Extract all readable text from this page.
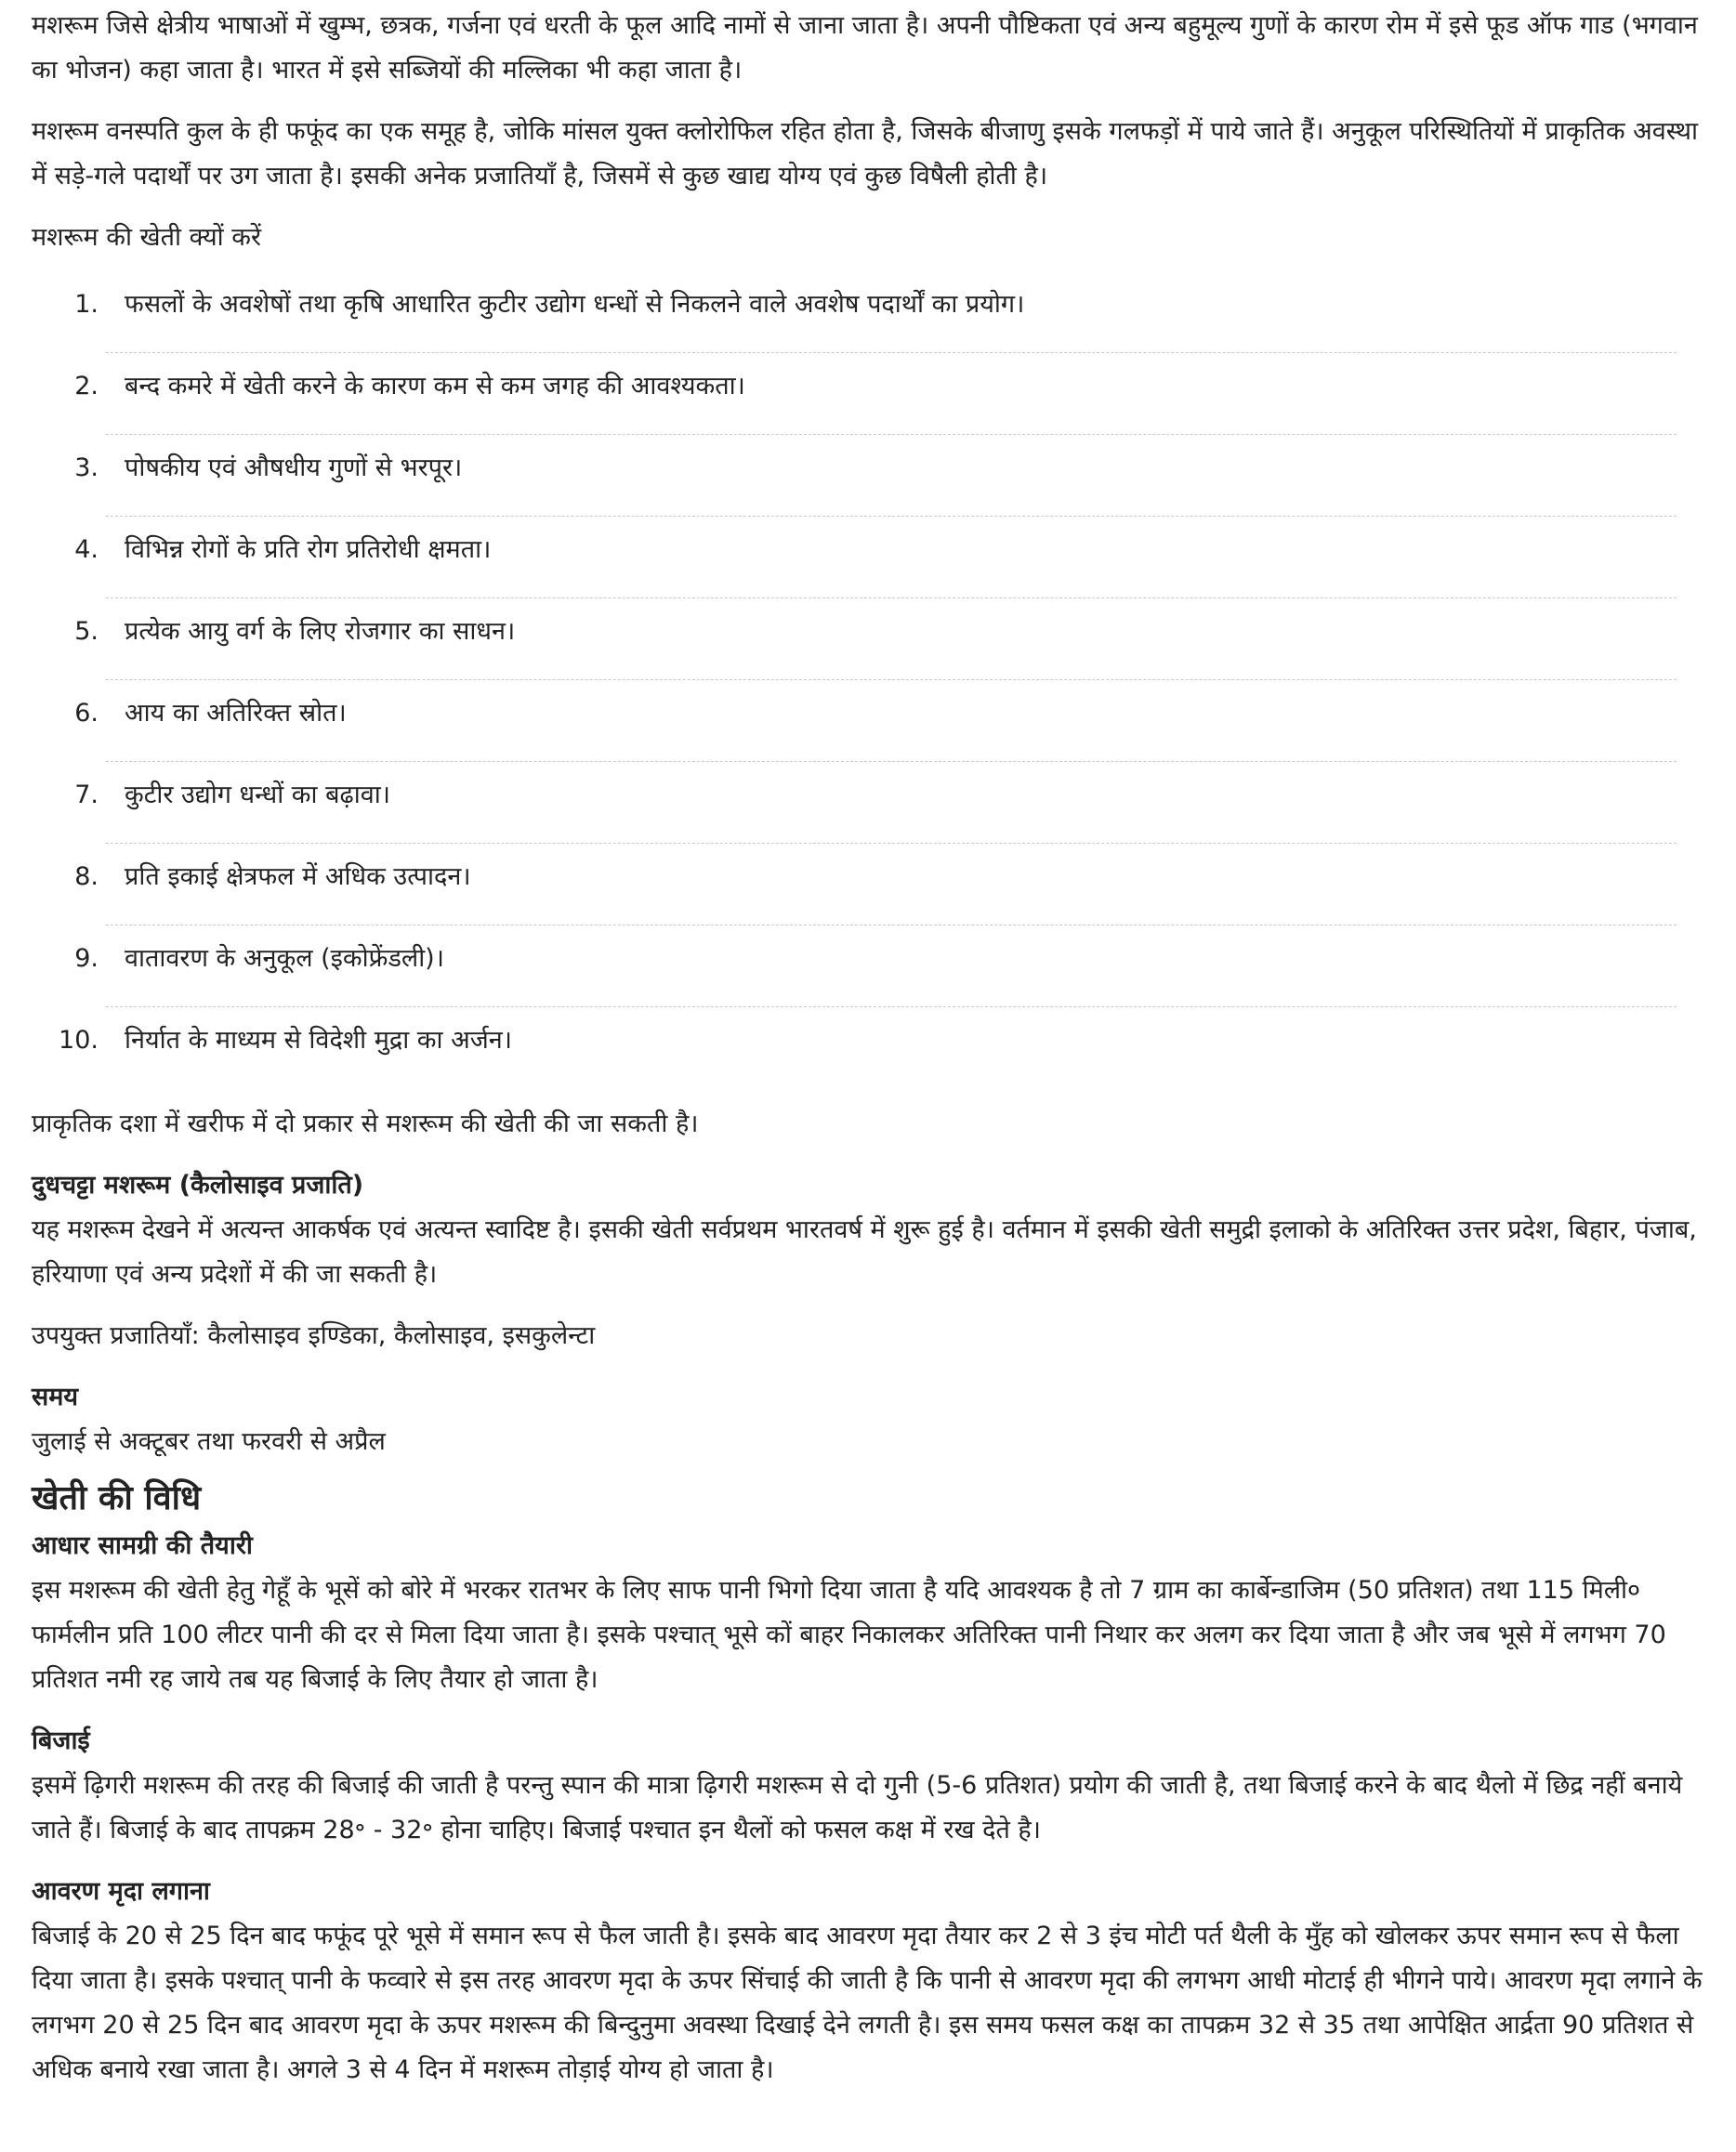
मशरूम जिसे क्षेत्रीय भाषाओं में खुम्भ, छत्रक, गर्जना एवं धरती के फूल आदि नामों से जाना जाता है। अपनी पौष्टिकता एवं अन्य बहुमूल्य गुणों के कारण रोम में इसे फूड ऑफ गाड (भगवान का भोजन) कहा जाता है। भारत में इसे सब्जियों की मल्लिका भी कहा जाता है।

मशरूम वनस्पति कुल के ही फफूंद का एक समूह है, जोकि मांसल युक्त क्लोरोफिल रहित होता है, जिसके बीजाणु इसके गलफड़ों में पाये जाते हैं। अनुकूल परिस्थितियों में प्राकृतिक अवस्था में सड़े-गले पदार्थों पर उग जाता है। इसकी अनेक प्रजातियाँ है, जिसमें से कुछ खाद्य योग्य एवं कुछ विषैली होती है।

मशरूम की खेती क्यों करें

1. फसलों के अवशेषों तथा कृषि आधारित कुटीर उद्योग धन्धों से निकलने वाले अवशेष पदार्थों का प्रयोग।
2. बन्द कमरे में खेती करने के कारण कम से कम जगह की आवश्यकता।
3. पोषकीय एवं औषधीय गुणों से भरपूर।
4. विभिन्न रोगों के प्रति रोग प्रतिरोधी क्षमता।
5. प्रत्येक आयु वर्ग के लिए रोजगार का साधन।
6. आय का अतिरिक्त स्रोत।
7. कुटीर उद्योग धन्धों का बढ़ावा।
8. प्रति इकाई क्षेत्रफल में अधिक उत्पादन।
9. वातावरण के अनुकूल (इकोफ्रेंडली)।
10. निर्यात के माध्यम से विदेशी मुद्रा का अर्जन।

प्राकृतिक दशा में खरीफ में दो प्रकार से मशरूम की खेती की जा सकती है।

दुधचट्टा मशरूम (कैलोसाइव प्रजाति)
यह मशरूम देखने में अत्यन्त आकर्षक एवं अत्यन्त स्वादिष्ट है। इसकी खेती सर्वप्रथम भारतवर्ष में शुरू हुई है। वर्तमान में इसकी खेती समुद्री इलाको के अतिरिक्त उत्तर प्रदेश, बिहार, पंजाब, हरियाणा एवं अन्य प्रदेशों में की जा सकती है।

उपयुक्त प्रजातियाँ: कैलोसाइव इण्डिका, कैलोसाइव, इसकुलेन्टा

समय
जुलाई से अक्टूबर तथा फरवरी से अप्रैल

खेती की विधि

आधार सामग्री की तैयारी
इस मशरूम की खेती हेतु गेहूँ के भूसें को बोरे में भरकर रातभर के लिए साफ पानी भिगो दिया जाता है यदि आवश्यक है तो 7 ग्राम का कार्बेन्डाजिम (50 प्रतिशत) तथा 115 मिली० फार्मलीन प्रति 100 लीटर पानी की दर से मिला दिया जाता है। इसके पश्चात् भूसे कों बाहर निकालकर अतिरिक्त पानी निथार कर अलग कर दिया जाता है और जब भूसे में लगभग 70 प्रतिशत नमी रह जाये तब यह बिजाई के लिए तैयार हो जाता है।

बिजाई
इसमें ढ़िगरी मशरूम की तरह की बिजाई की जाती है परन्तु स्पान की मात्रा ढ़िगरी मशरूम से दो गुनी (5-6 प्रतिशत) प्रयोग की जाती है, तथा बिजाई करने के बाद थैलो में छिद्र नहीं बनाये जाते हैं। बिजाई के बाद तापक्रम 28॰ - 32॰ होना चाहिए। बिजाई पश्चात इन थैलों को फसल कक्ष में रख देते है।

आवरण मृदा लगाना
बिजाई के 20 से 25 दिन बाद फफूंद पूरे भूसे में समान रूप से फैल जाती है। इसके बाद आवरण मृदा तैयार कर 2 से 3 इंच मोटी पर्त थैली के मुँह को खोलकर ऊपर समान रूप से फैला दिया जाता है। इसके पश्चात् पानी के फव्वारे से इस तरह आवरण मृदा के ऊपर सिंचाई की जाती है कि पानी से आवरण मृदा की लगभग आधी मोटाई ही भीगने पाये। आवरण मृदा लगाने के लगभग 20 से 25 दिन बाद आवरण मृदा के ऊपर मशरूम की बिन्दुनुमा अवस्था दिखाई देने लगती है। इस समय फसल कक्ष का तापक्रम 32 से 35 तथा आपेक्षित आर्द्रता 90 प्रतिशत से अधिक बनाये रखा जाता है। अगले 3 से 4 दिन में मशरूम तोड़ाई योग्य हो जाता है।
